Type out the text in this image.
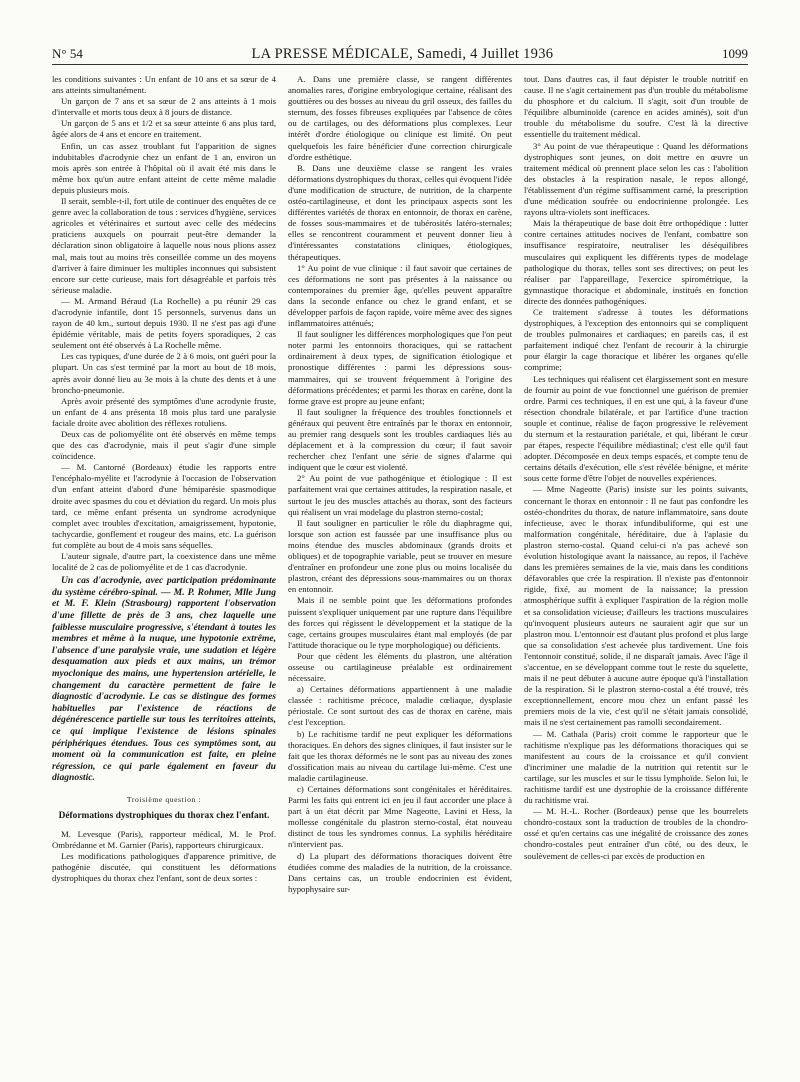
N° 54	LA PRESSE MÉDICALE, Samedi, 4 Juillet 1936	1099

les conditions suivantes : Un enfant de 10 ans et sa sœur de 4 ans atteints simultanément.

Un garçon de 7 ans et sa sœur de 2 ans atteints à 1 mois d'intervalle et morts tous deux à 8 jours de distance.

Un garçon de 5 ans et 1/2 et sa sœur atteinte 6 ans plus tard, âgée alors de 4 ans et encore en traitement.

Enfin, un cas assez troublant fut l'apparition de signes indubitables d'acrodynie chez un enfant de 1 an, environ un mois après son entrée à l'hôpital où il avait été mis dans le même box qu'un autre enfant atteint de cette même maladie depuis plusieurs mois.

Il serait, semble-t-il, fort utile de continuer des enquêtes de ce genre avec la collaboration de tous : services d'hygiène, services agricoles et vétérinaires et surtout avec celle des médecins praticiens auxquels on pourrait peut-être demander la déclaration sinon obligatoire à laquelle nous nous plions assez mal, mais tout au moins très conseillée comme un des moyens d'arriver à faire diminuer les multiples inconnues qui subsistent encore sur cette curieuse, mais fort désagréable et parfois très sérieuse maladie.

— M. Armand Béraud (La Rochelle) a pu réunir 29 cas d'acrodynie infantile, dont 15 personnels, survenus dans un rayon de 40 km., surtout depuis 1930. Il ne s'est pas agi d'une épidémie véritable, mais de petits foyers sporadiques, 2 cas seulement ont été observés à La Rochelle même.

Les cas typiques, d'une durée de 2 à 6 mois, ont guéri pour la plupart. Un cas s'est terminé par la mort au bout de 18 mois, après avoir donné lieu au 3e mois à la chute des dents et à une broncho-pneumonie.

Après avoir présenté des symptômes d'une acrodynie fruste, un enfant de 4 ans présenta 18 mois plus tard une paralysie faciale droite avec abolition des réflexes rotuliens.

Deux cas de poliomyélite ont été observés en même temps que des cas d'acrodynie, mais il peut s'agir d'une simple coïncidence.

— M. Cantorné (Bordeaux) étudie les rapports entre l'encéphalo-myélite et l'acrodynie à l'occasion de l'observation d'un enfant atteint d'abord d'une hémiparésie spasmodique droite avec spasmes du cou et déviation du regard. Un mois plus tard, ce même enfant présenta un syndrome acrodynique complet avec troubles d'excitation, amaigrissement, hypotonie, tachycardie, gonflement et rougeur des mains, etc. La guérison fut complète au bout de 4 mois sans séquelles.

L'auteur signale, d'autre part, la coexistence dans une même localité de 2 cas de poliomyélite et de 1 cas d'acrodynie.

Un cas d'acrodynie, avec participation prédominante du système cérébro-spinal. — M. P. Rohmer, Mlle Jung et M. F. Klein (Strasbourg) rapportent l'observation d'une fillette de près de 3 ans, chez laquelle une faiblesse musculaire progressive, s'étendant à toutes les membres et même à la nuque, une hypotonie extrême, l'absence d'une paralysie vraie, une sudation et légère desquamation aux pieds et aux mains, un trémor myoclonique des mains, une hypertension artérielle, le changement du caractère permettent de faire le diagnostic d'acrodynie. Le cas se distingue des formes habituelles par l'existence de réactions de dégénérescence partielle sur tous les territoires atteints, ce qui implique l'existence de lésions spinales périphériques étendues. Tous ces symptômes sont, au moment où la communication est faite, en pleine régression, ce qui parle également en faveur du diagnostic.

Troisième question :

Déformations dystrophiques du thorax chez l'enfant.

M. Levesque (Paris), rapporteur médical, M. le Prof. Ombrédanne et M. Garnier (Paris), rapporteurs chirurgicaux.

Les modifications pathologiques d'apparence primitive, de pathogénie discutée, qui constituent les déformations dystrophiques du thorax chez l'enfant, sont de deux sortes :

A. Dans une première classe, se rangent différentes anomalies rares, d'origine embryologique certaine, réalisant des gouttières ou des bosses au niveau du gril osseux, des failles du sternum, des fosses fibreuses expliquées par l'absence de côtes ou de cartilages, ou des déformations plus complexes. Leur intérêt d'ordre étiologique ou clinique est limité. On peut quelquefois les faire bénéficier d'une correction chirurgicale d'ordre esthétique.

B. Dans une deuxième classe se rangent les vraies déformations dystrophiques du thorax, celles qui évoquent l'idée d'une modification de structure, de nutrition, de la charpente ostéo-cartilagineuse, et dont les principaux aspects sont les différentes variétés de thorax en entonnoir, de thorax en carène, de fosses sous-mammaires et de tubérosités latéro-sternales; elles se rencontrent couramment et peuvent donner lieu à d'intéressantes constatations cliniques, étiologiques, thérapeutiques.

1° Au point de vue clinique : il faut savoir que certaines de ces déformations ne sont pas présentes à la naissance ou contemporaines du premier âge, qu'elles peuvent apparaître dans la seconde enfance ou chez le grand enfant, et se développer parfois de façon rapide, voire même avec des signes inflammatoires atténués;

Il faut souligner les différences morphologiques que l'on peut noter parmi les entonnoirs thoraciques, qui se rattachent ordinairement à deux types, de signification étiologique et pronostique différentes : parmi les dépressions sous-mammaires, qui se trouvent fréquemment à l'origine des déformations précédentes; et parmi les thorax en carène, dont la forme grave est propre au jeune enfant;

Il faut souligner la fréquence des troubles fonctionnels et généraux qui peuvent être entraînés par le thorax en entonnoir, au premier rang desquels sont les troubles cardiaques liés au déplacement et à la compression du cœur; il faut savoir rechercher chez l'enfant une série de signes d'alarme qui indiquent que le cœur est violenté.

2° Au point de vue pathogénique et étiologique : Il est parfaitement vrai que certaines attitudes, la respiration nasale, et surtout le jeu des muscles attachés au thorax, sont des facteurs qui réalisent un vrai modelage du plastron sterno-costal;

Il faut souligner en particulier le rôle du diaphragme qui, lorsque son action est faussée par une insuffisance plus ou moins étendue des muscles abdominaux (grands droits et obliques) et de topographie variable, peut se trouver en mesure d'entraîner en profondeur une zone plus ou moins localisée du plastron, créant des dépressions sous-mammaires ou un thorax en entonnoir.

Mais il ne semble point que les déformations profondes puissent s'expliquer uniquement par une rupture dans l'équilibre des forces qui régissent le développement et la statique de la cage, certains groupes musculaires étant mal employés (de par l'attitude thoracique ou le type morphologique) ou déficients.

Pour que cèdent les éléments du plastron, une altération osseuse ou cartilagineuse préalable est ordinairement nécessaire.

a) Certaines déformations appartiennent à une maladie classée : rachitisme précoce, maladie cœliaque, dysplasie périostale. Ce sont surtout des cas de thorax en carène, mais c'est l'exception.

b) Le rachitisme tardif ne peut expliquer les déformations thoraciques. En dehors des signes cliniques, il faut insister sur le fait que les thorax déformés ne le sont pas au niveau des zones d'ossification mais au niveau du cartilage lui-même. C'est une maladie cartilagineuse.

c) Certaines déformations sont congénitales et héréditaires. Parmi les faits qui entrent ici en jeu il faut accorder une place à part à un état décrit par Mme Nageotte, Lavini et Hess, la mollesse congénitale du plastron sterno-costal, état nouveau distinct de tous les syndromes connus. La syphilis héréditaire n'intervient pas.

d) La plupart des déformations thoraciques doivent être étudiées comme des maladies de la nutrition, de la croissance. Dans certains cas, un trouble endocrinien est évident, hypophysaire sur-

tout. Dans d'autres cas, il faut dépister le trouble nutritif en cause. Il ne s'agit certainement pas d'un trouble du métabolisme du phosphore et du calcium. Il s'agit, soit d'un trouble de l'équilibre albuminoïde (carence en acides aminés), soit d'un trouble du métabolisme du soufre. C'est là la directive essentielle du traitement médical.

3° Au point de vue thérapeutique : Quand les déformations dystrophiques sont jeunes, on doit mettre en œuvre un traitement médical où prennent place selon les cas : l'abolition des obstacles à la respiration nasale, le repos allongé, l'établissement d'un régime suffisamment carné, la prescription d'une médication soufrée ou endocrinienne prolongée. Les rayons ultra-violets sont inefficaces.

Mais la thérapeutique de base doit être orthopédique : lutter contre certaines attitudes nocives de l'enfant, combattre son insuffisance respiratoire, neutraliser les déséquilibres musculaires qui expliquent les différents types de modelage pathologique du thorax, telles sont ses directives; on peut les réaliser par l'appareillage, l'exercice spirométrique, la gymnastique thoracique et abdominale, institués en fonction directe des données pathogéniques.

Ce traitement s'adresse à toutes les déformations dystrophiques, à l'exception des entonnoirs qui se compliquent de troubles pulmonaires et cardiaques; en pareils cas, il est parfaitement indiqué chez l'enfant de recourir à la chirurgie pour élargir la cage thoracique et libérer les organes qu'elle comprime;

Les techniques qui réalisent cet élargissement sont en mesure de fournir au point de vue fonctionnel une guérison de premier ordre. Parmi ces techniques, il en est une qui, à la faveur d'une résection chondrale bilatérale, et par l'artifice d'une traction souple et continue, réalise de façon progressive le relèvement du sternum et la restauration pariétale, et qui, libérant le cœur par étapes, respecte l'équilibre médiastinal; c'est elle qu'il faut adopter. Décomposée en deux temps espacés, et compte tenu de certains détails d'exécution, elle s'est révélée bénigne, et mérite sous cette forme d'être l'objet de nouvelles expériences.

— Mme Nageotte (Paris) insiste sur les points suivants, concernant le thorax en entonnoir : Il ne faut pas confondre les ostéo-chondrites du thorax, de nature inflammatoire, sans doute infectieuse, avec le thorax infundibuliforme, qui est une malformation congénitale, héréditaire, due à l'aplasie du plastron sterno-costal. Quand celui-ci n'a pas achevé son évolution histologique avant la naissance, au repos, il l'achève dans les premières semaines de la vie, mais dans les conditions défavorables que crée la respiration. Il n'existe pas d'entonnoir rigide, fixé, au moment de la naissance; la pression atmosphérique suffit à expliquer l'aspiration de la région molle et sa consolidation vicieuse; d'ailleurs les tractions musculaires qu'invoquent plusieurs auteurs ne sauraient agir que sur un plastron mou. L'entonnoir est d'autant plus profond et plus large que sa consolidation s'est achevée plus tardivement. Une fois l'entonnoir constitué, solide, il ne disparaît jamais. Avec l'âge il s'accentue, en se développant comme tout le reste du squelette, mais il ne peut débuter à aucune autre époque qu'à l'installation de la respiration. Si le plastron sterno-costal a été trouvé, très exceptionnellement, encore mou chez un enfant passé les premiers mois de la vie, c'est qu'il ne s'était jamais consolidé, mais il ne s'est certainement pas ramolli secondairement.

— M. Cathala (Paris) croit comme le rapporteur que le rachitisme n'explique pas les déformations thoraciques qui se manifestent au cours de la croissance et qu'il convient d'incriminer une maladie de la nutrition qui retentit sur le cartilage, sur les muscles et sur le tissu lymphoïde. Selon lui, le rachitisme tardif est une dystrophie de la croissance différente du rachitisme vrai.

— M. H.-L. Rocher (Bordeaux) pense que les bourrelets chondro-costaux sont la traduction de troubles de la chondro-ossé et qu'en certains cas une inégalité de croissance des zones chondro-costales peut entraîner d'un côté, ou des deux, le soulèvement de celles-ci par excès de production en
